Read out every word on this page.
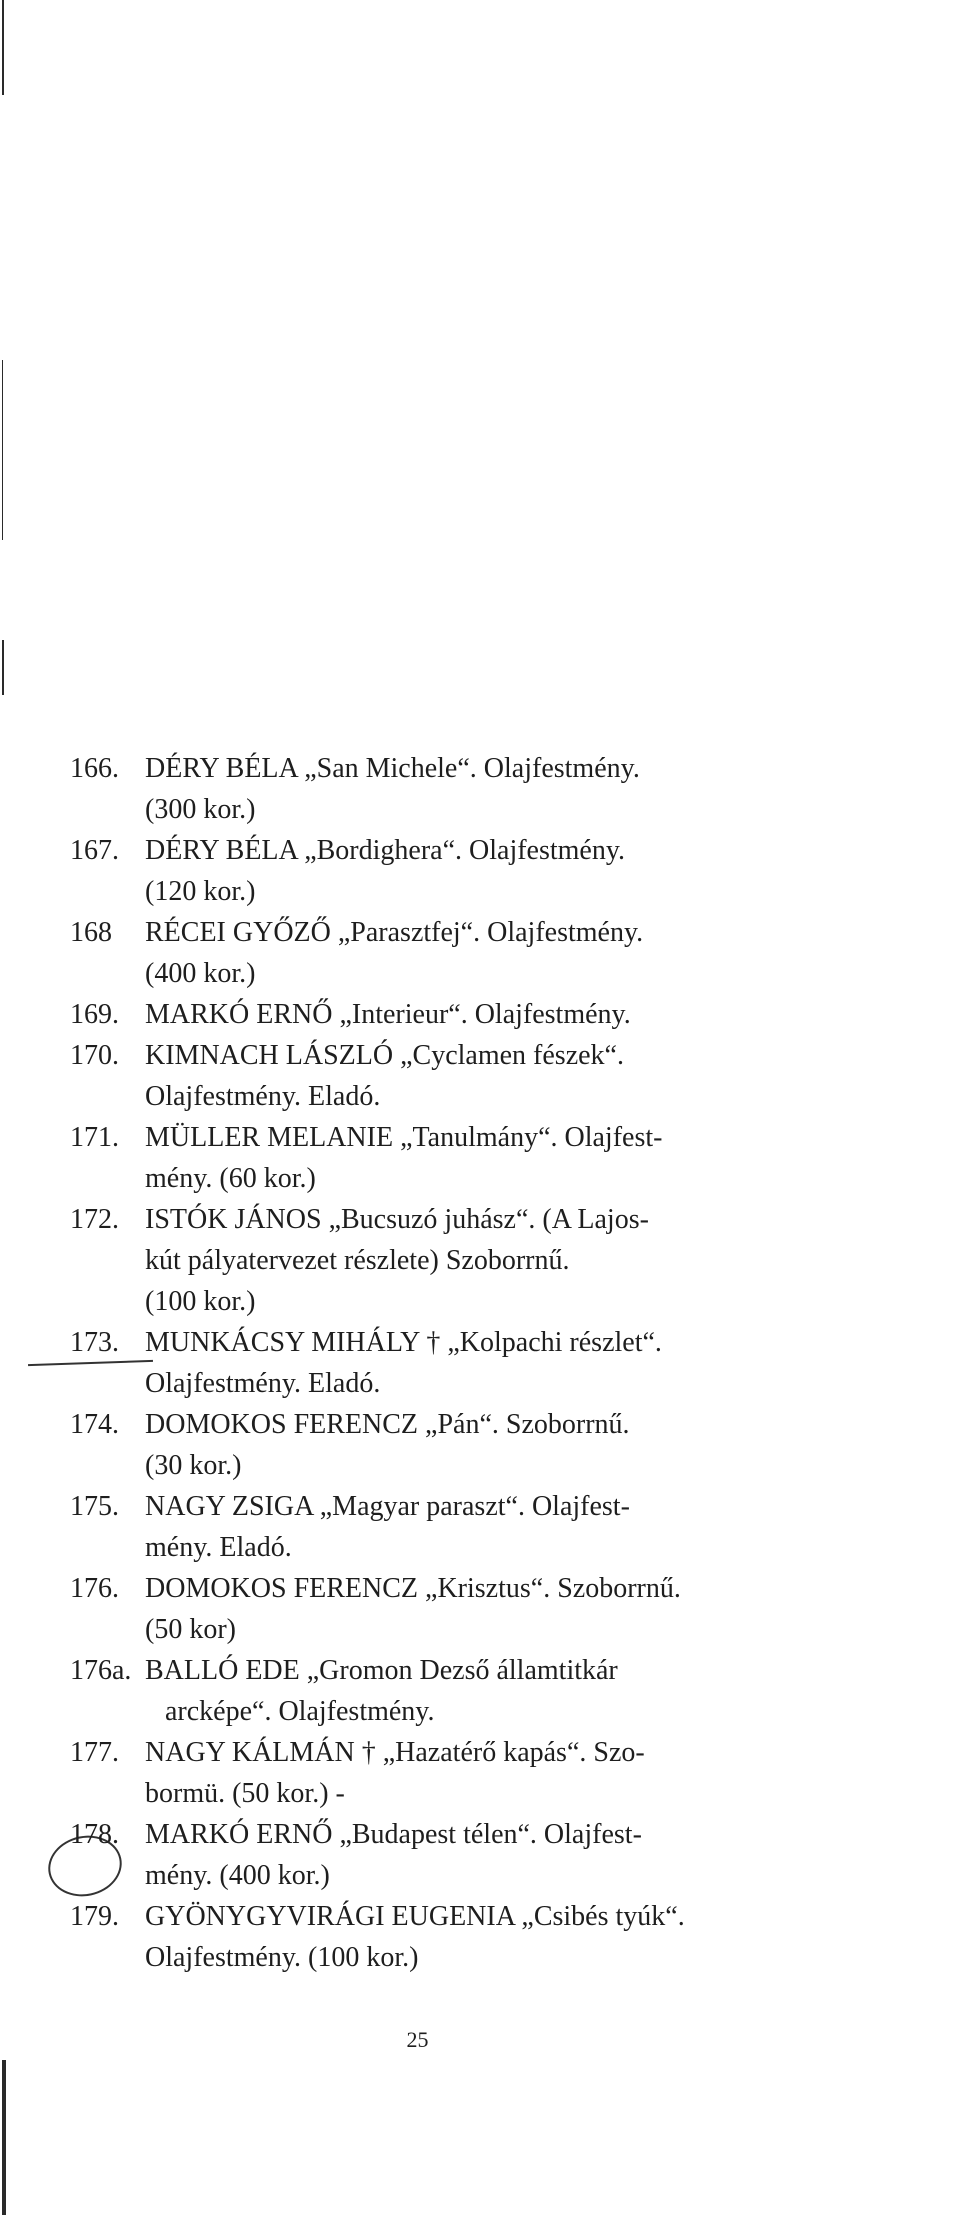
166. DÉRY BÉLA „San Michele“. Olajfestmény.
(300 kor.)
167. DÉRY BÉLA „Bordighera“. Olajfestmény.
(120 kor.)
168	RÉCEI GYŐZŐ „Parasztfej“. Olajfestmény.
(400 kor.)
169. MARKÓ ERNŐ „Interieur“. Olajfestmény.
170. KIMNACH LÁSZLÓ „Cyclamen fészek“.
Olajfestmény. Eladó.
171. MÜLLER MELANIE „Tanulmány“. Olajfest-
mény. (60 kor.)
172. ISTÓK JÁNOS „Bucsuzó juhász“. (A Lajos-
kút pályatervezet részlete) Szoborrnű.
(100 kor.)
173. MUNKÁCSY MIHÁLY † „Kolpachi részlet“.
Olajfestmény. Eladó.
174. DOMOKOS FERENCZ „Pán“. Szoborrnű.
(30 kor.)
175. NAGY ZSIGA „Magyar paraszt“. Olajfest-
mény. Eladó.
176. DOMOKOS FERENCZ „Krisztus“. Szoborrnű.
(50 kor)
176a. BALLÓ EDE „Gromon Dezső államtitkár
arcképe“. Olajfestmény.
177. NAGY KÁLMÁN † „Hazatérő kapás“. Szo-
bormü. (50 kor.) -
178. MARKÓ ERNŐ „Budapest télen“. Olajfest-
mény. (400 kor.)
179. GYÖNYGYVIRÁGI EUGENIA „Csibés tyúk“.
Olajfestmény. (100 kor.)
25
